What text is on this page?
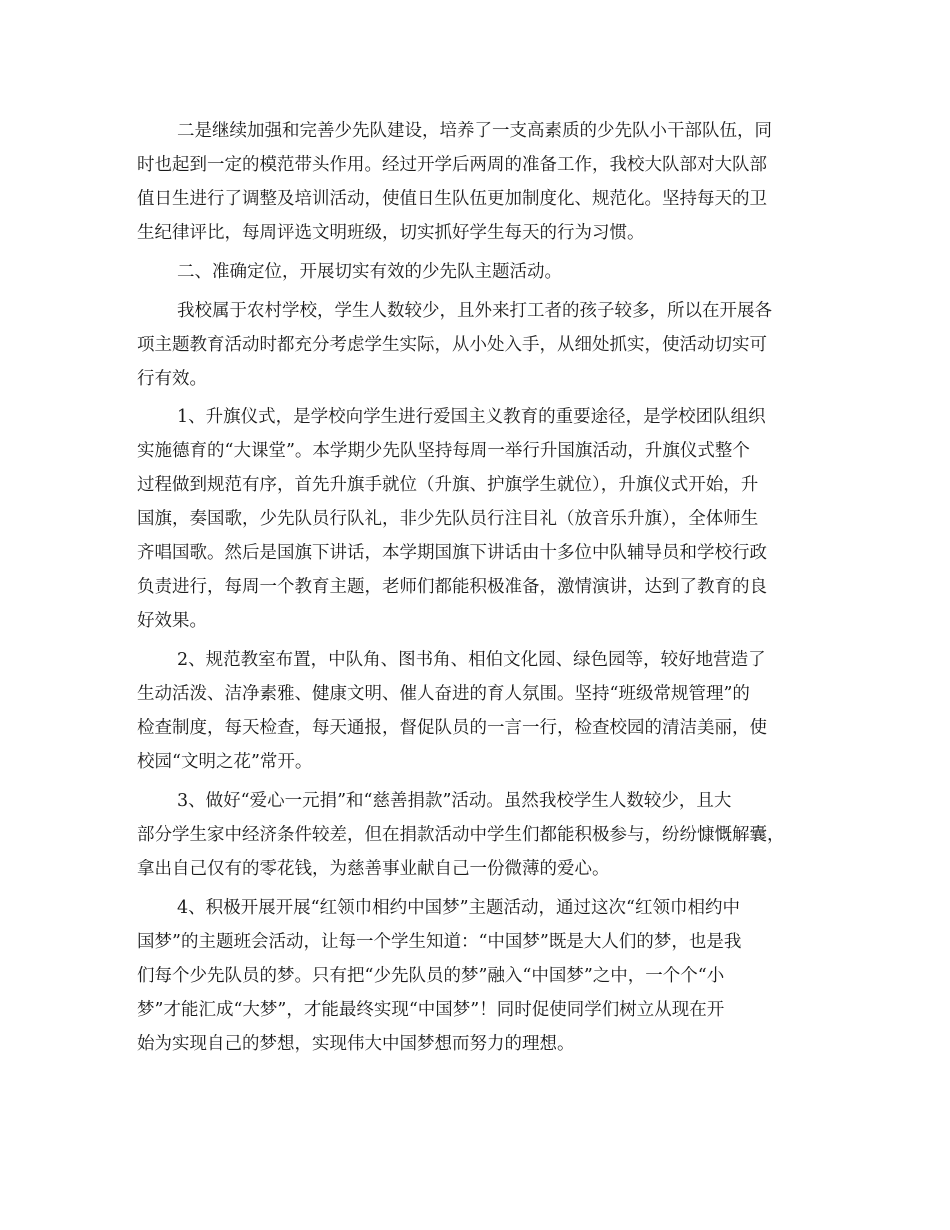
二是继续加强和完善少先队建设，培养了一支高素质的少先队小干部队伍，同

时也起到一定的模范带头作用。经过开学后两周的准备工作，我校大队部对大队部

值日生进行了调整及培训活动，使值日生队伍更加制度化、规范化。坚持每天的卫

生纪律评比，每周评选文明班级，切实抓好学生每天的行为习惯。

二、准确定位，开展切实有效的少先队主题活动。

我校属于农村学校，学生人数较少，且外来打工者的孩子较多，所以在开展各

项主题教育活动时都充分考虑学生实际，从小处入手，从细处抓实，使活动切实可

行有效。

1、升旗仪式，是学校向学生进行爱国主义教育的重要途径，是学校团队组织

实施德育的“大课堂”。本学期少先队坚持每周一举行升国旗活动，升旗仪式整个

过程做到规范有序，首先升旗手就位（升旗、护旗学生就位），升旗仪式开始，升

国旗，奏国歌，少先队员行队礼，非少先队员行注目礼（放音乐升旗），全体师生

齐唱国歌。然后是国旗下讲话，本学期国旗下讲话由十多位中队辅导员和学校行政

负责进行，每周一个教育主题，老师们都能积极准备，激情演讲，达到了教育的良

好效果。

2、规范教室布置，中队角、图书角、相伯文化园、绿色园等，较好地营造了

生动活泼、洁净素雅、健康文明、催人奋进的育人氛围。坚持“班级常规管理”的

检查制度，每天检查，每天通报，督促队员的一言一行，检查校园的清洁美丽，使

校园“文明之花”常开。

3、做好“爱心一元捐”和“慈善捐款”活动。虽然我校学生人数较少，且大

部分学生家中经济条件较差，但在捐款活动中学生们都能积极参与，纷纷慷慨解囊，

拿出自己仅有的零花钱，为慈善事业献自己一份微薄的爱心。

4、积极开展开展“红领巾相约中国梦”主题活动，通过这次“红领巾相约中

国梦”的主题班会活动，让每一个学生知道：“中国梦”既是大人们的梦，也是我

们每个少先队员的梦。只有把“少先队员的梦”融入“中国梦”之中，一个个“小

梦”才能汇成“大梦”，才能最终实现“中国梦”！同时促使同学们树立从现在开

始为实现自己的梦想，实现伟大中国梦想而努力的理想。
